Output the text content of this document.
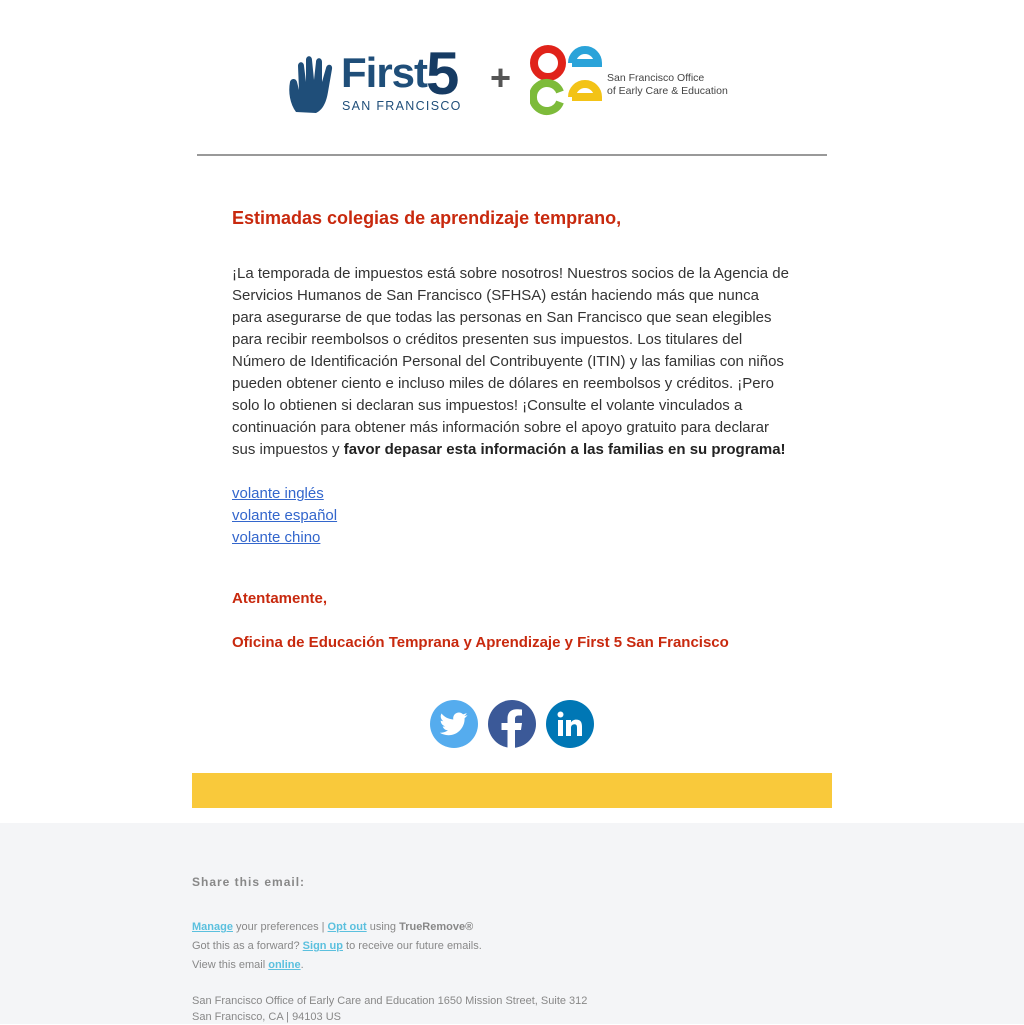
First
5
SAN FRANCISCO
+	San Francisco Office
of Early Care & Education
Estimadas colegias de aprendizaje temprano,
¡La temporada de impuestos está sobre nosotros! Nuestros socios de la Agencia de Servicios Humanos de San Francisco (SFHSA) están haciendo más que nunca para asegurarse de que todas las personas en San Francisco que sean elegibles para recibir reembolsos o créditos presenten sus impuestos. Los titulares del Número de Identificación Personal del Contribuyente (ITIN) y las familias con niños pueden obtener ciento e incluso miles de dólares en reembolsos y créditos. ¡Pero solo lo obtienen si declaran sus impuestos! ¡Consulte el volante vinculados a continuación para obtener más información sobre el apoyo gratuito para declarar sus impuestos y favor depasar esta información a las familias en su programa!
volante inglés
volante español
volante chino
Atentamente,
Oficina de Educación Temprana y Aprendizaje y First 5 San Francisco
Share this email:
Manage your preferences | Opt out using TrueRemove®
Got this as a forward? Sign up to receive our future emails.
View this email online.
San Francisco Office of Early Care and Education 1650 Mission Street, Suite 312
San Francisco, CA | 94103 US
